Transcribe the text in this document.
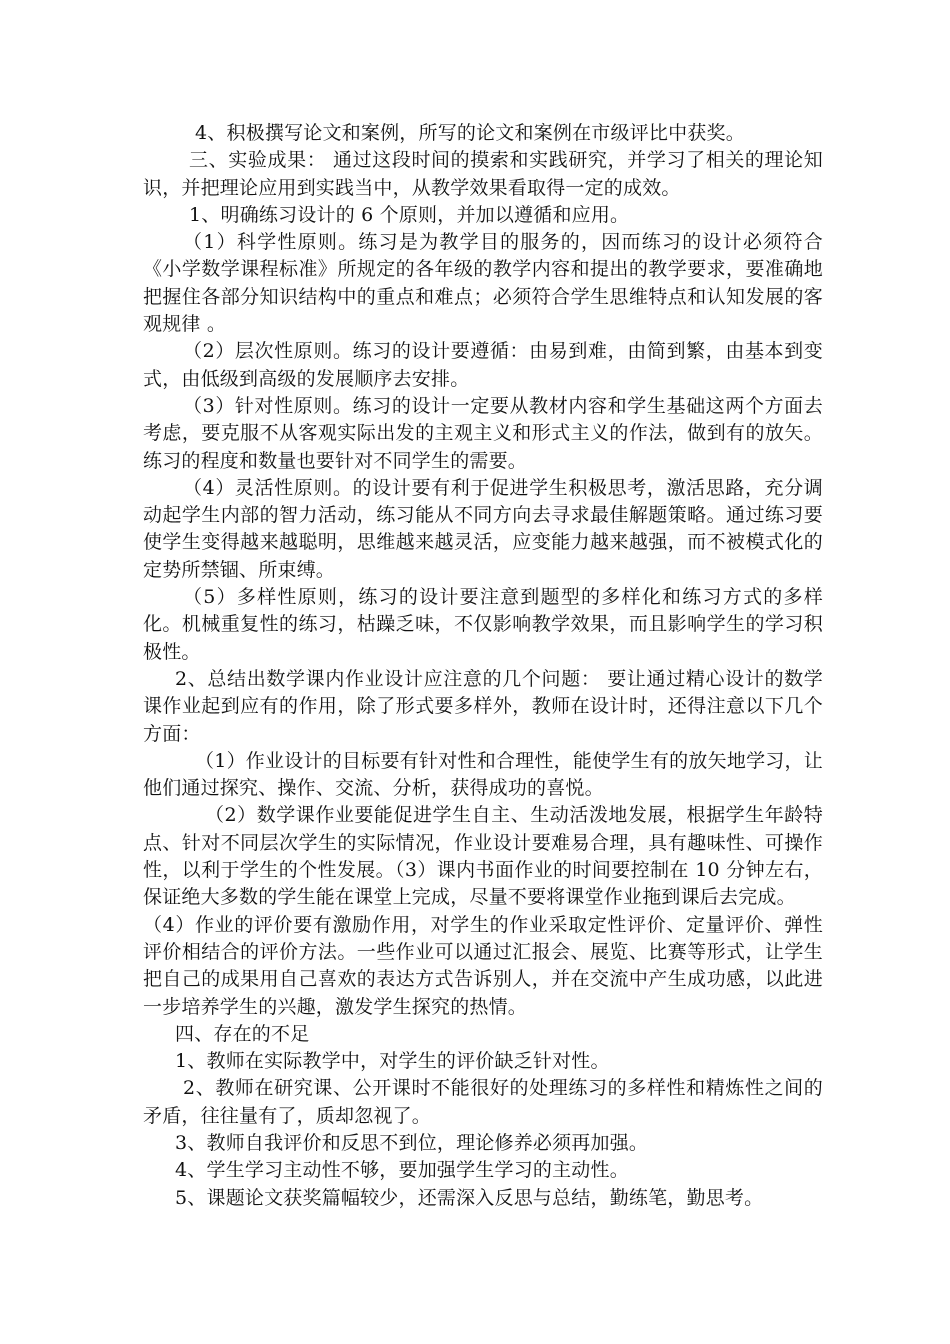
4、积极撰写论文和案例，所写的论文和案例在市级评比中获奖。

三、实验成果： 通过这段时间的摸索和实践研究，并学习了相关的理论知识，并把理论应用到实践当中，从教学效果看取得一定的成效。

1、明确练习设计的 6 个原则，并加以遵循和应用。

（1）科学性原则。练习是为教学目的服务的，因而练习的设计必须符合《小学数学课程标准》所规定的各年级的教学内容和提出的教学要求，要准确地把握住各部分知识结构中的重点和难点；必须符合学生思维特点和认知发展的客观规律 。

（2）层次性原则。练习的设计要遵循：由易到难，由简到繁，由基本到变式，由低级到高级的发展顺序去安排。

（3）针对性原则。练习的设计一定要从教材内容和学生基础这两个方面去考虑，要克服不从客观实际出发的主观主义和形式主义的作法，做到有的放矢。练习的程度和数量也要针对不同学生的需要。

（4）灵活性原则。的设计要有利于促进学生积极思考，激活思路，充分调动起学生内部的智力活动，练习能从不同方向去寻求最佳解题策略。通过练习要使学生变得越来越聪明，思维越来越灵活，应变能力越来越强，而不被模式化的定势所禁锢、所束缚。

（5）多样性原则，练习的设计要注意到题型的多样化和练习方式的多样化。机械重复性的练习，枯躁乏味，不仅影响教学效果，而且影响学生的学习积极性。

2、总结出数学课内作业设计应注意的几个问题： 要让通过精心设计的数学课作业起到应有的作用，除了形式要多样外，教师在设计时，还得注意以下几个方面：

（1）作业设计的目标要有针对性和合理性，能使学生有的放矢地学习，让他们通过探究、操作、交流、分析，获得成功的喜悦。

（2）数学课作业要能促进学生自主、生动活泼地发展，根据学生年龄特点、针对不同层次学生的实际情况，作业设计要难易合理，具有趣味性、可操作性，以利于学生的个性发展。（3）课内书面作业的时间要控制在 10 分钟左右，保证绝大多数的学生能在课堂上完成，尽量不要将课堂作业拖到课后去完成。

（4）作业的评价要有激励作用，对学生的作业采取定性评价、定量评价、弹性评价相结合的评价方法。一些作业可以通过汇报会、展览、比赛等形式，让学生把自己的成果用自己喜欢的表达方式告诉别人，并在交流中产生成功感，以此进一步培养学生的兴趣，激发学生探究的热情。

四、存在的不足

1、教师在实际教学中，对学生的评价缺乏针对性。

2、教师在研究课、公开课时不能很好的处理练习的多样性和精炼性之间的矛盾，往往量有了，质却忽视了。

3、教师自我评价和反思不到位，理论修养必须再加强。

4、学生学习主动性不够，要加强学生学习的主动性。

5、课题论文获奖篇幅较少，还需深入反思与总结，勤练笔，勤思考。
